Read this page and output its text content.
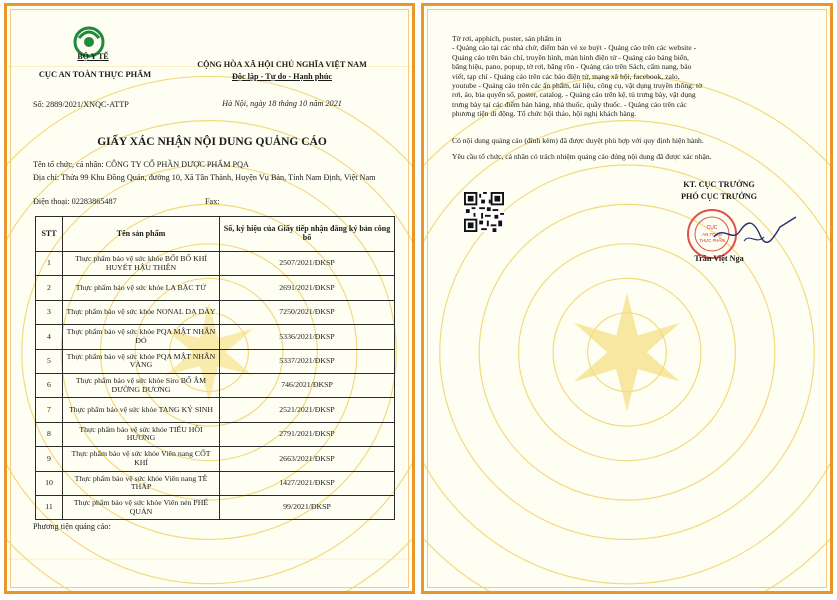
BỘ Y TẾ
CỤC AN TOÀN THỰC PHẨM
Số: 2889/2021/XNQC-ATTP
CỘNG HÒA XÃ HỘI CHỦ NGHĨA VIỆT NAM
Độc lập - Tự do - Hạnh phúc
Hà Nội, ngày 18 tháng 10 năm 2021
GIẤY XÁC NHẬN NỘI DUNG QUẢNG CÁO
Tên tổ chức, cá nhân: CÔNG TY CỔ PHẦN DƯỢC PHẨM PQA
Địa chỉ: Thửa 99 Khu Đồng Quán, đường 10, Xã Tân Thành, Huyện Vụ Bản, Tỉnh Nam Định, Việt Nam
Điện thoại: 02283865487	Fax:
STT	Tên sản phẩm	Số, ký hiệu của Giấy tiếp nhận đăng ký bản công bố
1	Thực phẩm bảo vệ sức khỏe BỔI BỔ KHÍ HUYẾT HẬU THIÊN	2507/2021/ĐKSP
2	Thực phẩm bảo vệ sức khỏe LA BẶC TỬ	2691/2021/ĐKSP
3	Thực phẩm bảo vệ sức khỏe NONAL DẠ DÀY	7250/2021/ĐKSP
4	Thực phẩm bảo vệ sức khỏe PQA MẬT NHÂN ĐỎ	5336/2021/ĐKSP
5	Thực phẩm bảo vệ sức khỏe PQA MẬT NHÂN VÀNG	5337/2021/ĐKSP
6	Thực phẩm bảo vệ sức khỏe Siro BỔ ÂM DƯỠNG DƯƠNG	746/2021/ĐKSP
7	Thực phẩm bảo vệ sức khỏe TANG KÝ SINH	2521/2021/ĐKSP
8	Thực phẩm bảo vệ sức khỏe TIỂU HỒI HƯƠNG	2791/2021/ĐKSP
9	Thực phẩm bảo vệ sức khỏe Viên nang CỐT KHÍ	2663/2021/ĐKSP
10	Thực phẩm bảo vệ sức khỏe Viên nang TÊ THẤP	1427/2021/ĐKSP
11	Thực phẩm bảo vệ sức khỏe Viên nén PHẾ QUẢN	99/2021/ĐKSP
Phương tiện quảng cáo:
Tờ rơi, apphich, poster, sản phẩm in
- Quảng cáo tại các nhà chờ, điểm bán vé xe buýt - Quảng cáo trên các website -
Quảng cáo trên báo chí, truyền hình, màn hình điện tử - Quảng cáo bảng biển,
băng hiệu, pano, popup, tờ rơi, băng rôn - Quảng cáo trên Sách, cẩm nang, báo
viết, tạp chí - Quảng cáo trên các báo điện tử, mạng xã hội, facebook, zalo,
youtube - Quảng cáo trên các ấn phẩm, tài liệu, công cụ, vật dụng truyền thông: tờ
rơi, áo, bìa quyển sổ, poster, catalog. - Quảng cáo trên kệ, tủ trưng bày, vật dụng
trưng bày tại các điểm bán hàng, nhà thuốc, quầy thuốc. - Quảng cáo trên các
phương tiện di động. Tổ chức hội thảo, hội nghị khách hàng.
Có nội dung quảng cáo (đính kèm) đã được duyệt phù hợp với quy định hiện hành.
Yêu cầu tổ chức, cá nhân có trách nhiệm quảng cáo đúng nội dung đã được xác nhận.
KT. CỤC TRƯỞNG
PHÓ CỤC TRƯỞNG
CỤC
AN TOÀN
THỰC PHẨM
Trần Việt Nga
